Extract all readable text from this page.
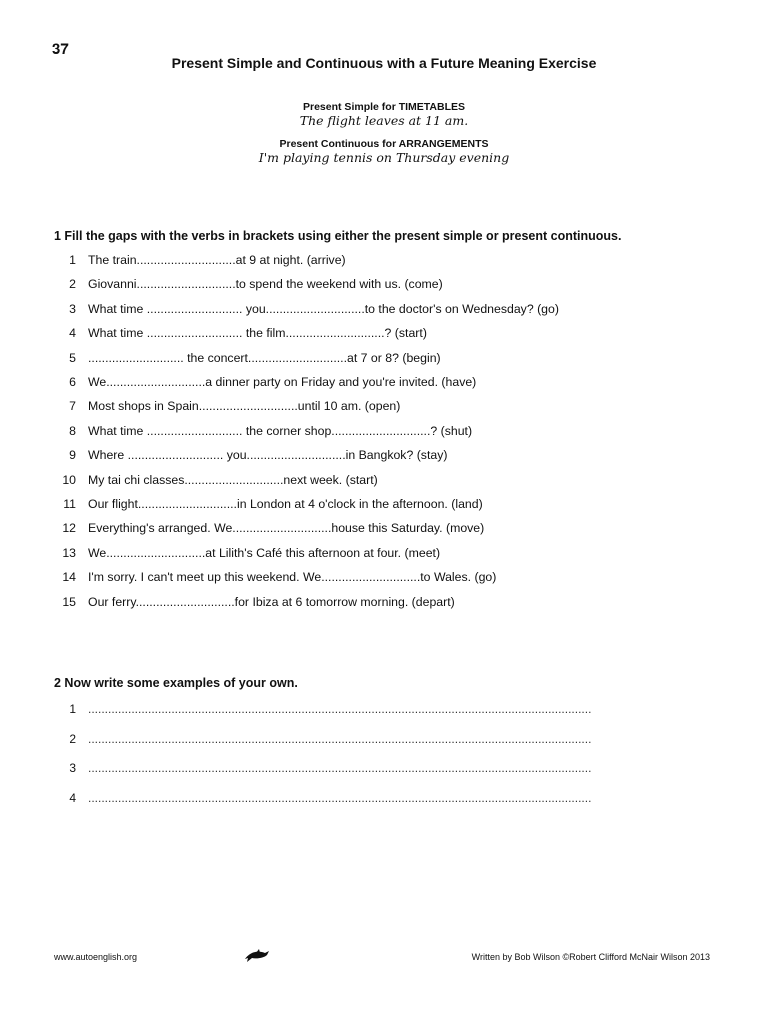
𝟑𝟕
Present Simple and Continuous with a Future Meaning Exercise
Present Simple for TIMETABLES
The flight leaves at 11 am.
Present Continuous for ARRANGEMENTS
I'm playing tennis on Thursday evening
1 Fill the gaps with the verbs in brackets using either the present simple or present continuous.
1 The train.............................at 9 at night. (arrive)
2 Giovanni.............................to spend the weekend with us. (come)
3 What time ............................ you.............................to the doctor's on Wednesday? (go)
4 What time ............................ the film.............................? (start)
5 ............................ the concert.............................at 7 or 8? (begin)
6 We.............................a dinner party on Friday and you're invited. (have)
7 Most shops in Spain.............................until 10 am. (open)
8 What time ............................ the corner shop.............................? (shut)
9 Where ............................ you.............................in Bangkok? (stay)
10 My tai chi classes.............................next week. (start)
11 Our flight.............................in London at 4 o'clock in the afternoon. (land)
12 Everything's arranged. We.............................house this Saturday. (move)
13 We.............................at Lilith's Café this afternoon at four. (meet)
14 I'm sorry. I can't meet up this weekend. We.............................to Wales. (go)
15 Our ferry.............................for Ibiza at 6 tomorrow morning. (depart)
2 Now write some examples of your own.
1 .......................................................................................................................................................
2 .......................................................................................................................................................
3 .......................................................................................................................................................
4 .......................................................................................................................................................
www.autoenglish.org	Written by Bob Wilson ©Robert Clifford McNair Wilson 2013
